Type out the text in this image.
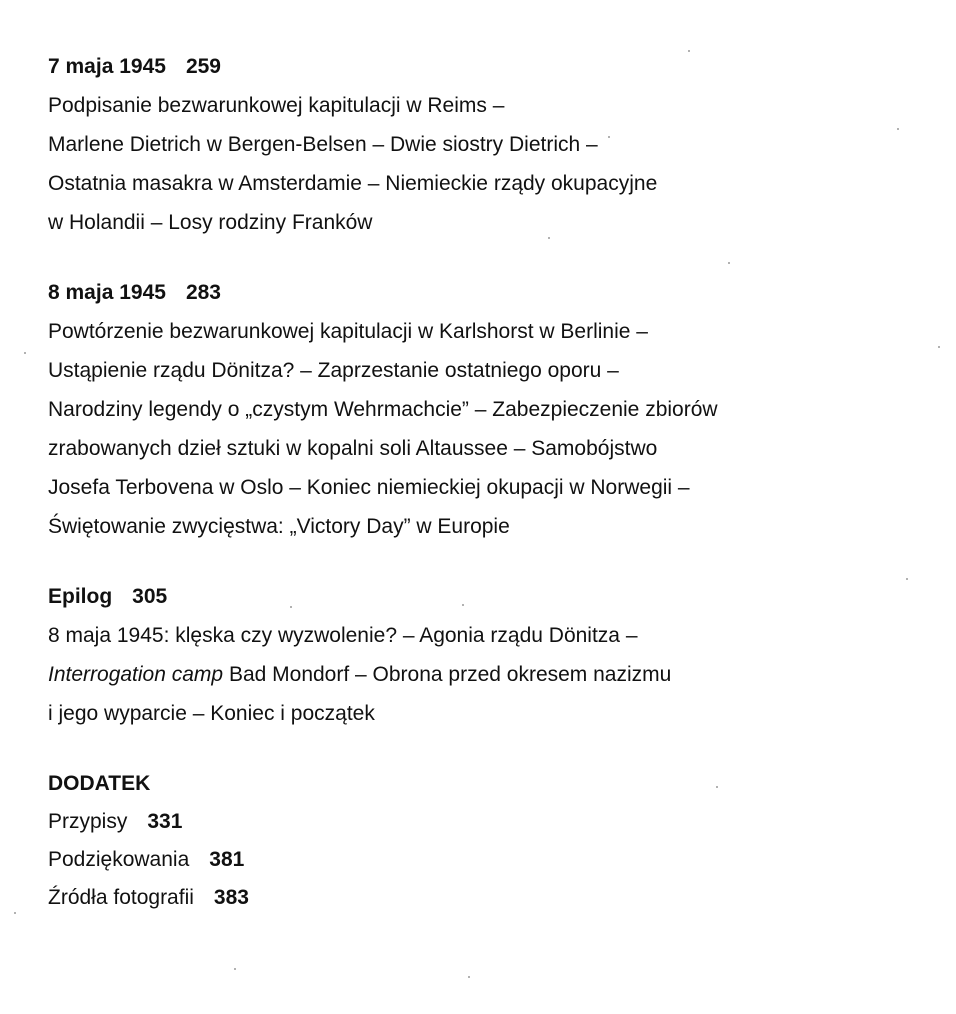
7 maja 1945 259
Podpisanie bezwarunkowej kapitulacji w Reims –
Marlene Dietrich w Bergen-Belsen – Dwie siostry Dietrich –
Ostatnia masakra w Amsterdamie – Niemieckie rządy okupacyjne
w Holandii – Losy rodziny Franków
8 maja 1945 283
Powtórzenie bezwarunkowej kapitulacji w Karlshorst w Berlinie –
Ustąpienie rządu Dönitza? – Zaprzestanie ostatniego oporu –
Narodziny legendy o „czystym Wehrmachcie” – Zabezpieczenie zbiorów
zrabowanych dzieł sztuki w kopalni soli Altaussee – Samobójstwo
Josefa Terbovena w Oslo – Koniec niemieckiej okupacji w Norwegii –
Świętowanie zwycięstwa: „Victory Day” w Europie
Epilog 305
8 maja 1945: klęska czy wyzwolenie? – Agonia rządu Dönitza –
Interrogation camp Bad Mondorf – Obrona przed okresem nazizmu
i jego wyparcie – Koniec i początek
DODATEK
Przypisy 331
Podziękowania 381
Źródła fotografii 383
